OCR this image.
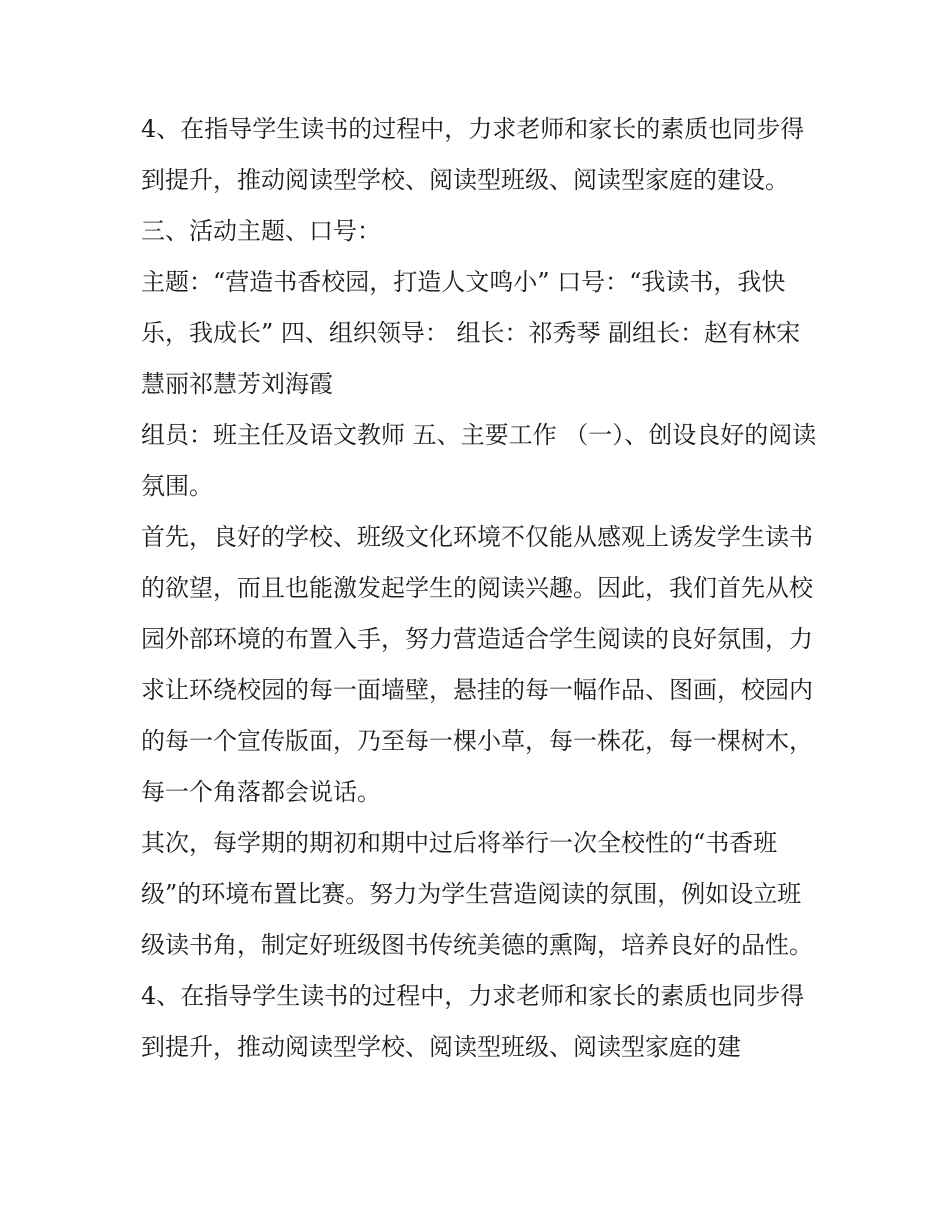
4、在指导学生读书的过程中，力求老师和家长的素质也同步得到提升，推动阅读型学校、阅读型班级、阅读型家庭的建设。 三、活动主题、口号：

主题：“营造书香校园，打造人文鸣小” 口号：“我读书，我快乐，我成长” 四、组织领导： 组长：祁秀琴 副组长：赵有林宋慧丽祁慧芳刘海霞

组员：班主任及语文教师 五、主要工作 （一）、创设良好的阅读氛围。

首先，良好的学校、班级文化环境不仅能从感观上诱发学生读书的欲望，而且也能激发起学生的阅读兴趣。因此，我们首先从校园外部环境的布置入手，努力营造适合学生阅读的良好氛围，力求让环绕校园的每一面墙壁，悬挂的每一幅作品、图画，校园内的每一个宣传版面，乃至每一棵小草，每一株花，每一棵树木，每一个角落都会说话。

其次，每学期的期初和期中过后将举行一次全校性的“书香班级”的环境布置比赛。努力为学生营造阅读的氛围，例如设立班级读书角，制定好班级图书传统美德的熏陶，培养良好的品性。

4、在指导学生读书的过程中，力求老师和家长的素质也同步得到提升，推动阅读型学校、阅读型班级、阅读型家庭的建
